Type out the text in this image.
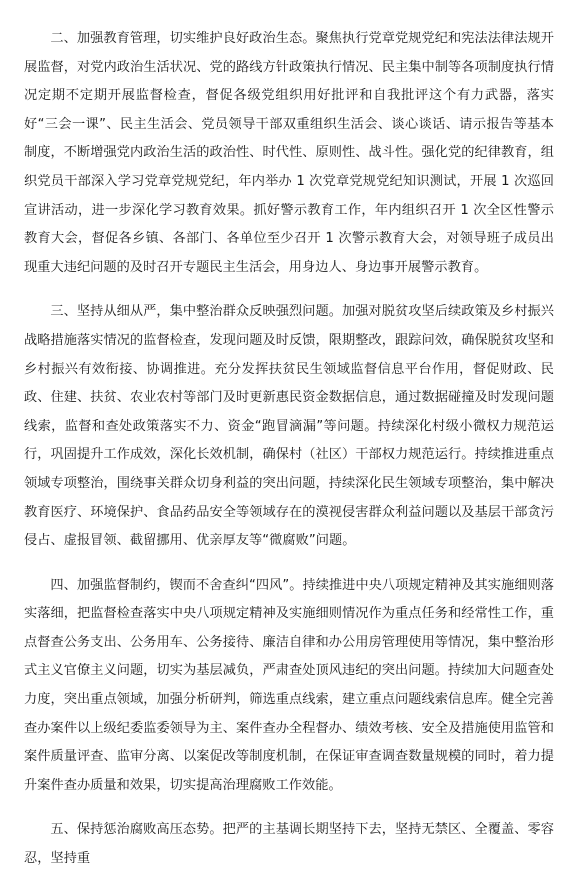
二、加强教育管理，切实维护良好政治生态。聚焦执行党章党规党纪和宪法法律法规开展监督，对党内政治生活状况、党的路线方针政策执行情况、民主集中制等各项制度执行情况定期不定期开展监督检查，督促各级党组织用好批评和自我批评这个有力武器，落实好“三会一课”、民主生活会、党员领导干部双重组织生活会、谈心谈话、请示报告等基本制度，不断增强党内政治生活的政治性、时代性、原则性、战斗性。强化党的纪律教育，组织党员干部深入学习党章党规党纪，年内举办 1 次党章党规党纪知识测试，开展 1 次巡回宣讲活动，进一步深化学习教育效果。抓好警示教育工作，年内组织召开 1 次全区性警示教育大会，督促各乡镇、各部门、各单位至少召开 1 次警示教育大会，对领导班子成员出现重大违纪问题的及时召开专题民主生活会，用身边人、身边事开展警示教育。

三、坚持从细从严，集中整治群众反映强烈问题。加强对脱贫攻坚后续政策及乡村振兴战略措施落实情况的监督检查，发现问题及时反馈，限期整改，跟踪问效，确保脱贫攻坚和乡村振兴有效衔接、协调推进。充分发挥扶贫民生领域监督信息平台作用，督促财政、民政、住建、扶贫、农业农村等部门及时更新惠民资金数据信息，通过数据碰撞及时发现问题线索，监督和查处政策落实不力、资金“跑冒滴漏”等问题。持续深化村级小微权力规范运行，巩固提升工作成效，深化长效机制，确保村（社区）干部权力规范运行。持续推进重点领域专项整治，围绕事关群众切身利益的突出问题，持续深化民生领域专项整治，集中解决教育医疗、环境保护、食品药品安全等领域存在的漠视侵害群众利益问题以及基层干部贪污侵占、虚报冒领、截留挪用、优亲厚友等“微腐败”问题。

四、加强监督制约，锲而不舍查纠“四风”。持续推进中央八项规定精神及其实施细则落实落细，把监督检查落实中央八项规定精神及实施细则情况作为重点任务和经常性工作，重点督查公务支出、公务用车、公务接待、廉洁自律和办公用房管理使用等情况，集中整治形式主义官僚主义问题，切实为基层减负，严肃查处顶风违纪的突出问题。持续加大问题查处力度，突出重点领域，加强分析研判，筛选重点线索，建立重点问题线索信息库。健全完善查办案件以上级纪委监委领导为主、案件查办全程督办、绩效考核、安全及措施使用监管和案件质量评查、监审分离、以案促改等制度机制，在保证审查调查数量规模的同时，着力提升案件查办质量和效果，切实提高治理腐败工作效能。

五、保持惩治腐败高压态势。把严的主基调长期坚持下去，坚持无禁区、全覆盖、零容忍，坚持重
